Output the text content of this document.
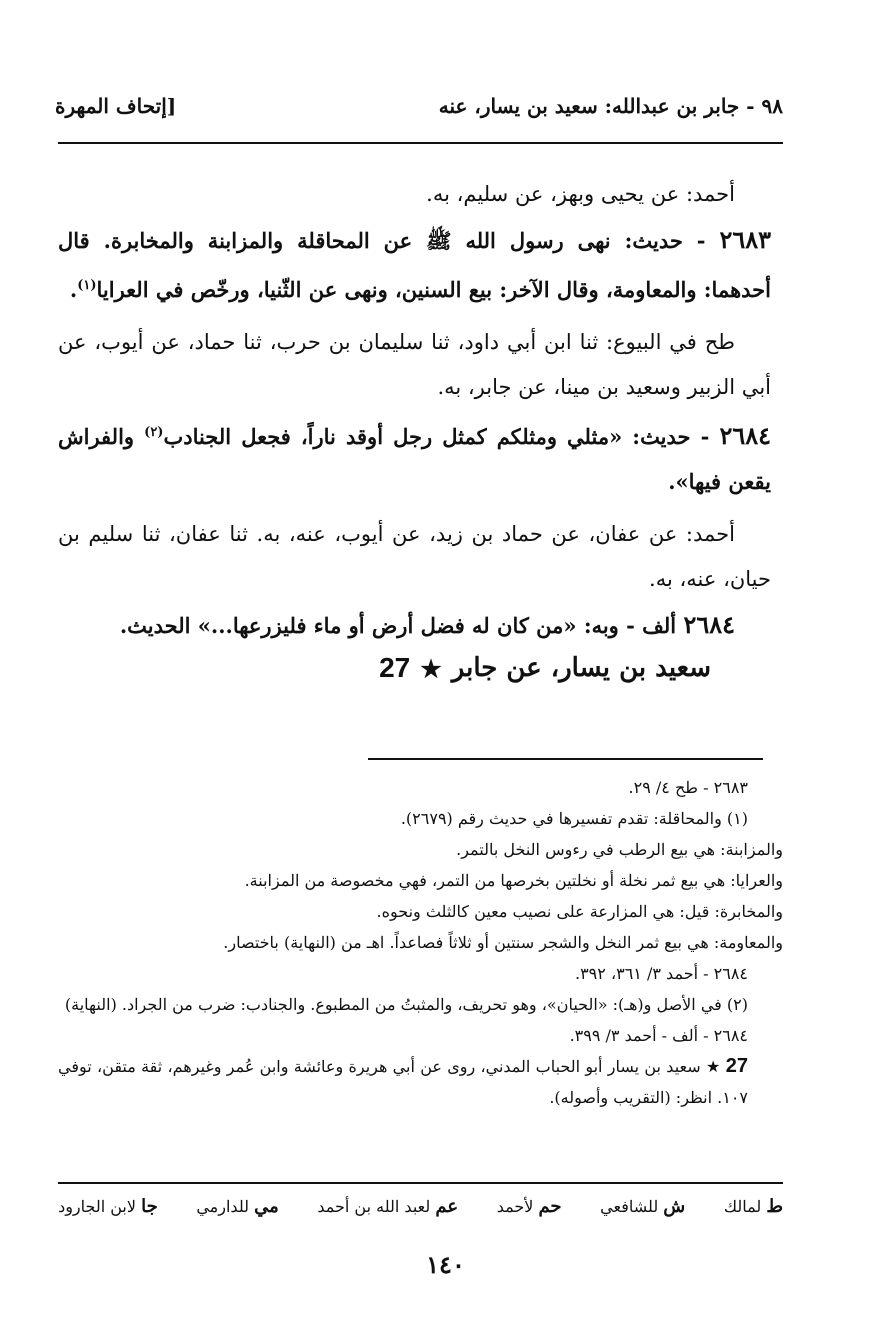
٩٨ - جابر بن عبدالله: سعيد بن يسار، عنه
[إتحاف المهرة
أحمد: عن يحيى وبهز، عن سليم، به.
٢٦٨٣ - حديث: نهى رسول الله ﷺ عن المحاقلة والمزابنة والمخابرة. قال أحدهما: والمعاومة، وقال الآخر: بيع السنين، ونهى عن الثّنيا، ورخّص في العرايا$^{(١)}$.
طح في البيوع: ثنا ابن أبي داود، ثنا سليمان بن حرب، ثنا حماد، عن أيوب، عن أبي الزبير وسعيد بن مينا، عن جابر، به.
٢٦٨٤ - حديث: «مثلي ومثلكم كمثل رجل أوقد ناراً، فجعل الجنادب$^{(٢)}$ والفراش يقعن فيها».
أحمد: عن عفان، عن حماد بن زيد، عن أيوب، عنه، به. ثنا عفان، ثنا سليم بن حيان، عنه، به.
٢٦٨٤ ألف - وبه: «من كان له فضل أرض أو ماء فليزرعها...» الحديث.
سعيد بن يسار، عن جابر
★
27
٢٦٨٣ - طح ٤/ ٢٩.
(١) والمحاقلة: تقدم تفسيرها في حديث رقم (٢٦٧٩).
والمزابنة: هي بيع الرطب في رءوس النخل بالتمر.
والعرايا: هي بيع ثمر نخلة أو نخلتين بخرصها من التمر، فهي مخصوصة من المزابنة.
والمخابرة: قيل: هي المزارعة على نصيب معين كالثلث ونحوه.
والمعاومة: هي بيع ثمر النخل والشجر سنتين أو ثلاثاً فصاعداً. اهـ من (النهاية) باختصار.
٢٦٨٤ - أحمد ٣/ ٣٦١، ٣٩٢.
(٢) في الأصل و(هـ): «الحيان»، وهو تحريف، والمثبتُ من المطبوع. والجنادب: ضرب من الجراد. (النهاية)
٢٦٨٤ - ألف - أحمد ٣/ ٣٩٩.
27 ★ سعيد بن يسار أبو الحباب المدني، روى عن أبي هريرة وعائشة وابن عُمر وغيرهم، ثقة متقن، توفي ١٠٧. انظر: (التقريب وأصوله).
ط لمالك
ش للشافعي
حم لأحمد
عم لعبد الله بن أحمد
مي للدارمي
جا لابن الجارود
١٤٠
